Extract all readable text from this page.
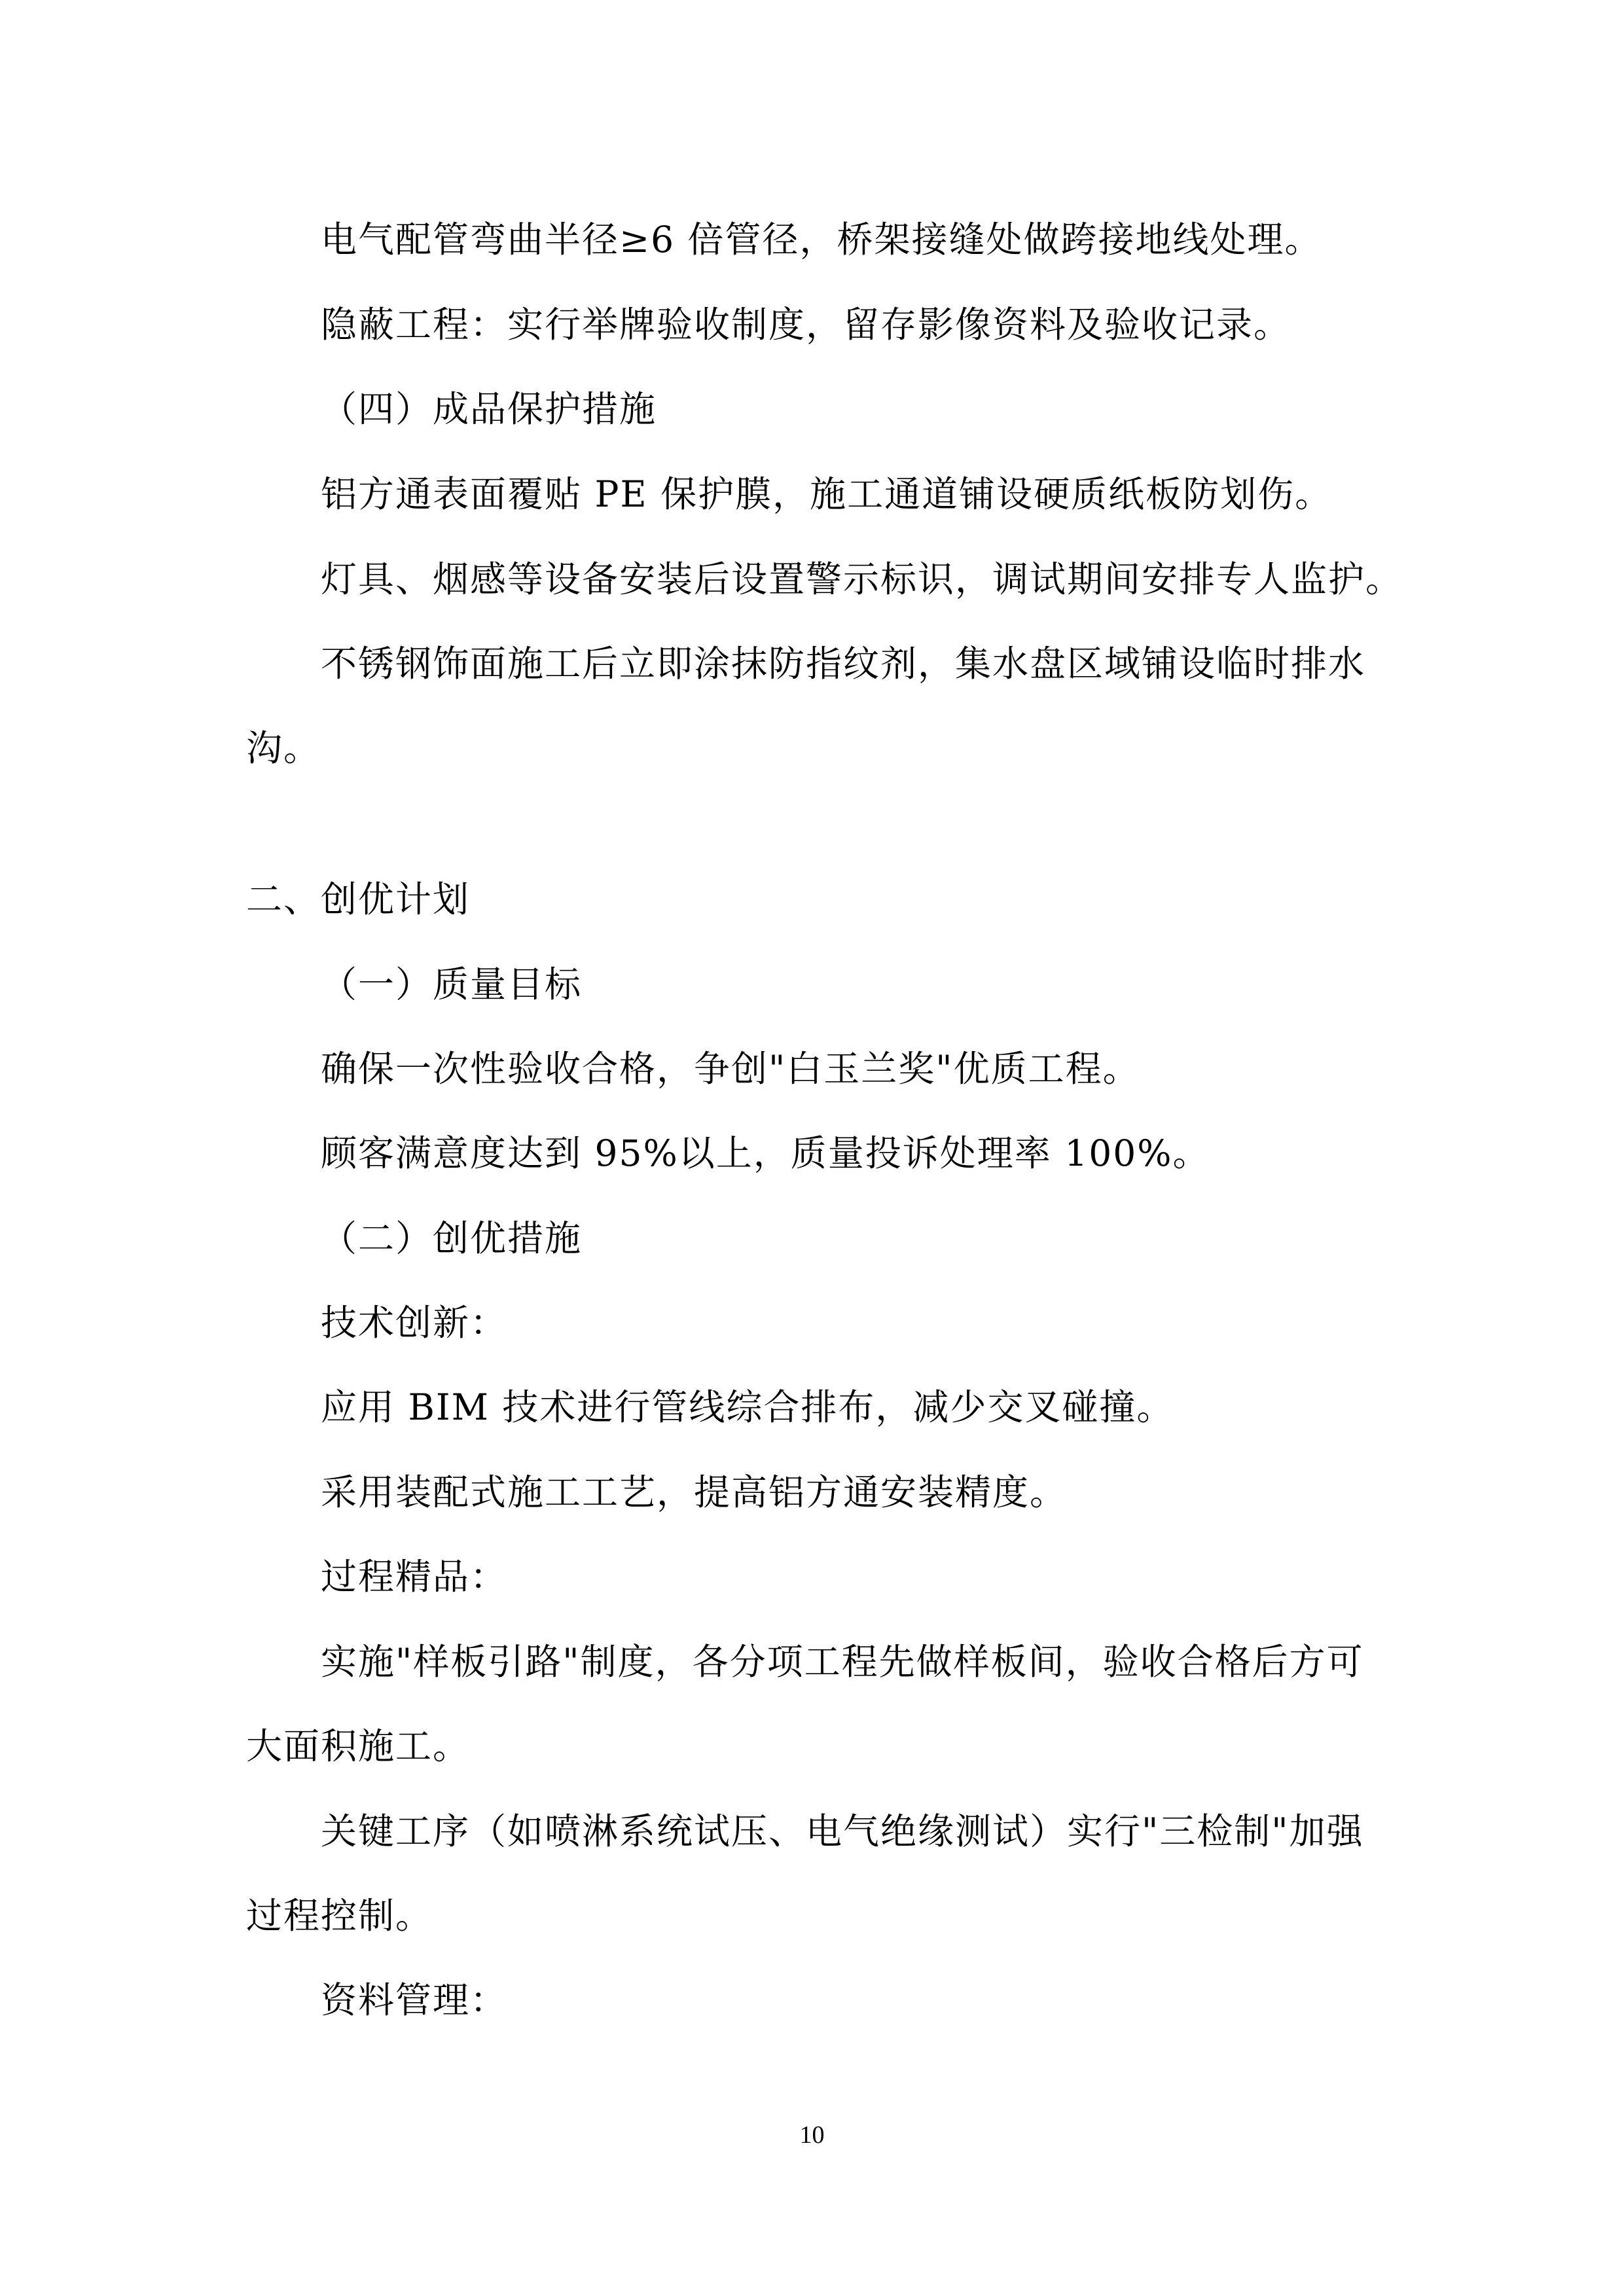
电气配管弯曲半径≥6 倍管径，桥架接缝处做跨接地线处理。
隐蔽工程：实行举牌验收制度，留存影像资料及验收记录。
（四）成品保护措施
铝方通表面覆贴 PE 保护膜，施工通道铺设硬质纸板防划伤。
灯具、烟感等设备安装后设置警示标识，调试期间安排专人监护。
不锈钢饰面施工后立即涂抹防指纹剂，集水盘区域铺设临时排水
沟。
二、创优计划
（一）质量目标
确保一次性验收合格，争创"白玉兰奖"优质工程。
顾客满意度达到 95%以上，质量投诉处理率 100%。
（二）创优措施
技术创新：
应用 BIM 技术进行管线综合排布，减少交叉碰撞。
采用装配式施工工艺，提高铝方通安装精度。
过程精品：
实施"样板引路"制度，各分项工程先做样板间，验收合格后方可
大面积施工。
关键工序（如喷淋系统试压、电气绝缘测试）实行"三检制"加强
过程控制。
资料管理：
10
